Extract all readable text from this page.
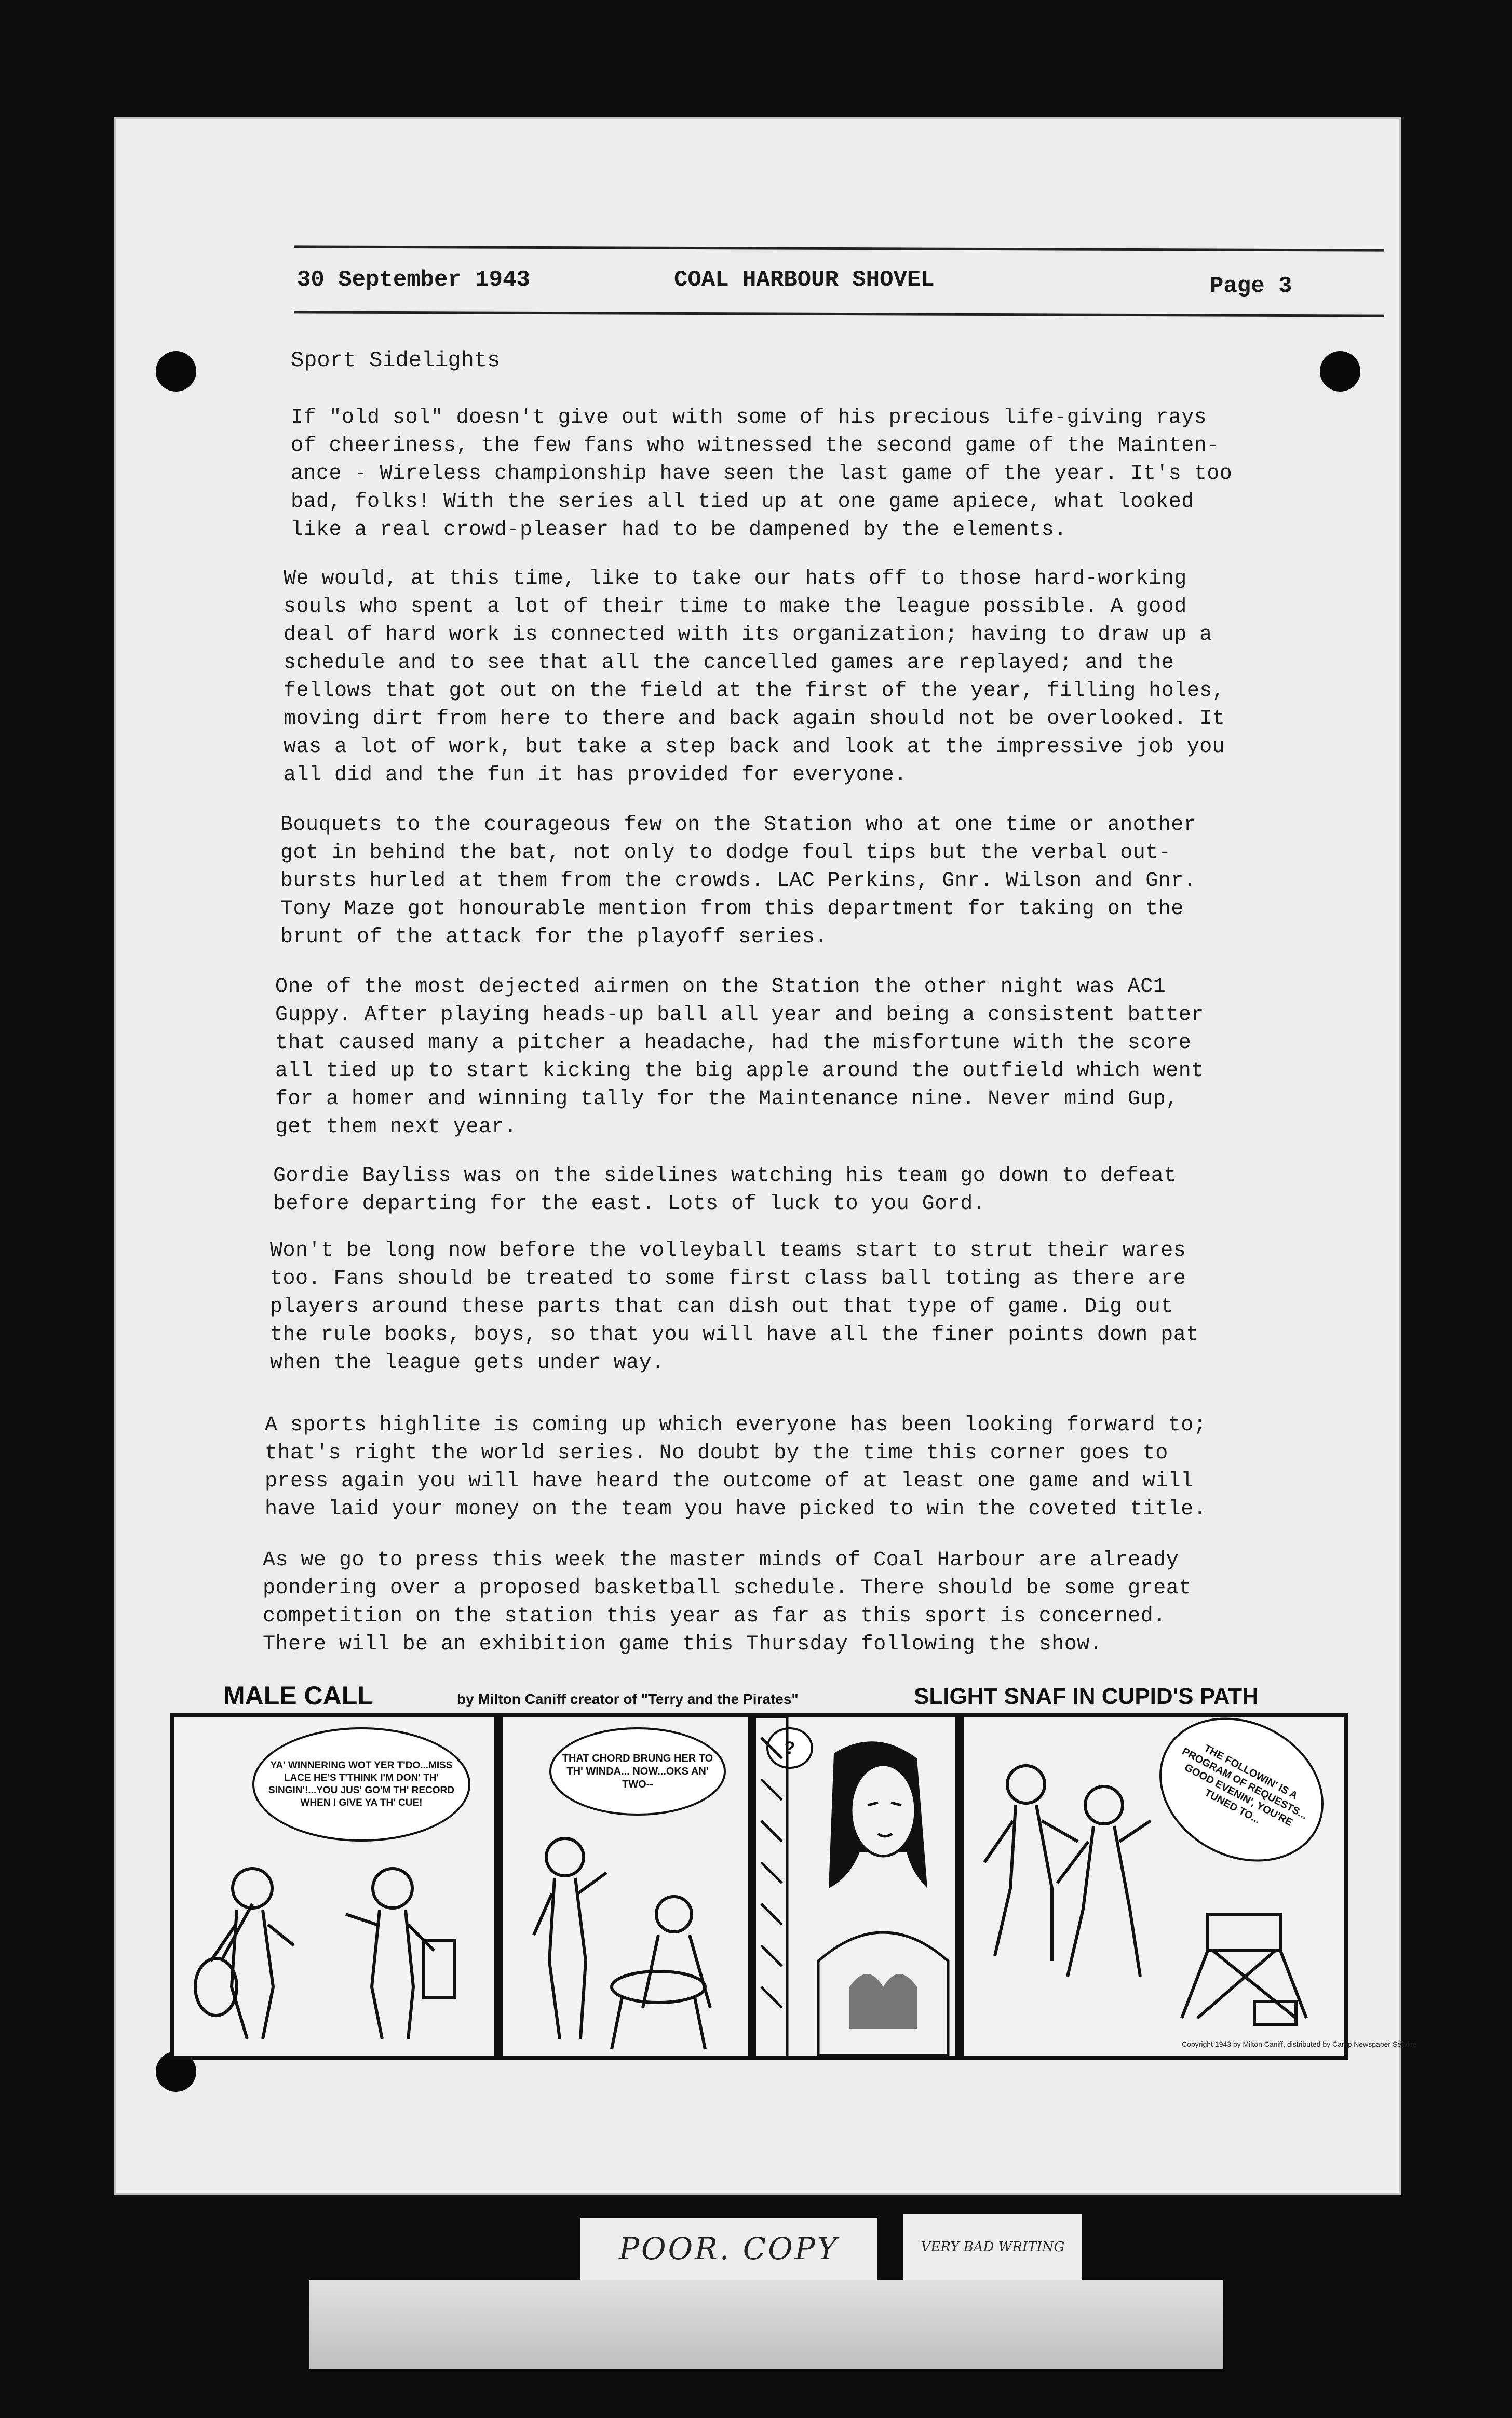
30 September 1943	COAL HARBOUR SHOVEL	Page 3
Sport Sidelights
If "old sol" doesn't give out with some of his precious life-giving rays
of cheeriness, the few fans who witnessed the second game of the Mainten-
ance - Wireless championship have seen the last game of the year. It's too
bad, folks! With the series all tied up at one game apiece, what looked
like a real crowd-pleaser had to be dampened by the elements.
We would, at this time, like to take our hats off to those hard-working
souls who spent a lot of their time to make the league possible. A good
deal of hard work is connected with its organization; having to draw up a
schedule and to see that all the cancelled games are replayed; and the
fellows that got out on the field at the first of the year, filling holes,
moving dirt from here to there and back again should not be overlooked. It
was a lot of work, but take a step back and look at the impressive job you
all did and the fun it has provided for everyone.
Bouquets to the courageous few on the Station who at one time or another
got in behind the bat, not only to dodge foul tips but the verbal out-
bursts hurled at them from the crowds. LAC Perkins, Gnr. Wilson and Gnr.
Tony Maze got honourable mention from this department for taking on the
brunt of the attack for the playoff series.
One of the most dejected airmen on the Station the other night was AC1
Guppy. After playing heads-up ball all year and being a consistent batter
that caused many a pitcher a headache, had the misfortune with the score
all tied up to start kicking the big apple around the outfield which went
for a homer and winning tally for the Maintenance nine. Never mind Gup,
get them next year.
Gordie Bayliss was on the sidelines watching his team go down to defeat
before departing for the east. Lots of luck to you Gord.
Won't be long now before the volleyball teams start to strut their wares
too. Fans should be treated to some first class ball toting as there are
players around these parts that can dish out that type of game. Dig out
the rule books, boys, so that you will have all the finer points down pat
when the league gets under way.
A sports highlite is coming up which everyone has been looking forward to;
that's right the world series. No doubt by the time this corner goes to
press again you will have heard the outcome of at least one game and will
have laid your money on the team you have picked to win the coveted title.
As we go to press this week the master minds of Coal Harbour are already
pondering over a proposed basketball schedule. There should be some great
competition on the station this year as far as this sport is concerned.
There will be an exhibition game this Thursday following the show.
MALE CALL	by Milton Caniff creator of "Terry and the Pirates"	SLIGHT SNAF IN CUPID'S PATH
YA' WINNERING WOT YER T'DO...MISS LACE HE'S T'THINK I'M DON' TH' SINGIN'!...YOU JUS' GO'M TH' RECORD WHEN I GIVE YA TH' CUE!
THAT CHORD BRUNG HER TO TH' WINDA... NOW...OKS AN' TWO--
?	THE FOLLOWIN' IS A PROGRAM OF REQUESTS... GOOD EVENIN', YOU'RE TUNED TO...
Copyright 1943 by Milton Caniff, distributed by Camp Newspaper Service
POOR. COPY	VERY BAD WRITING
